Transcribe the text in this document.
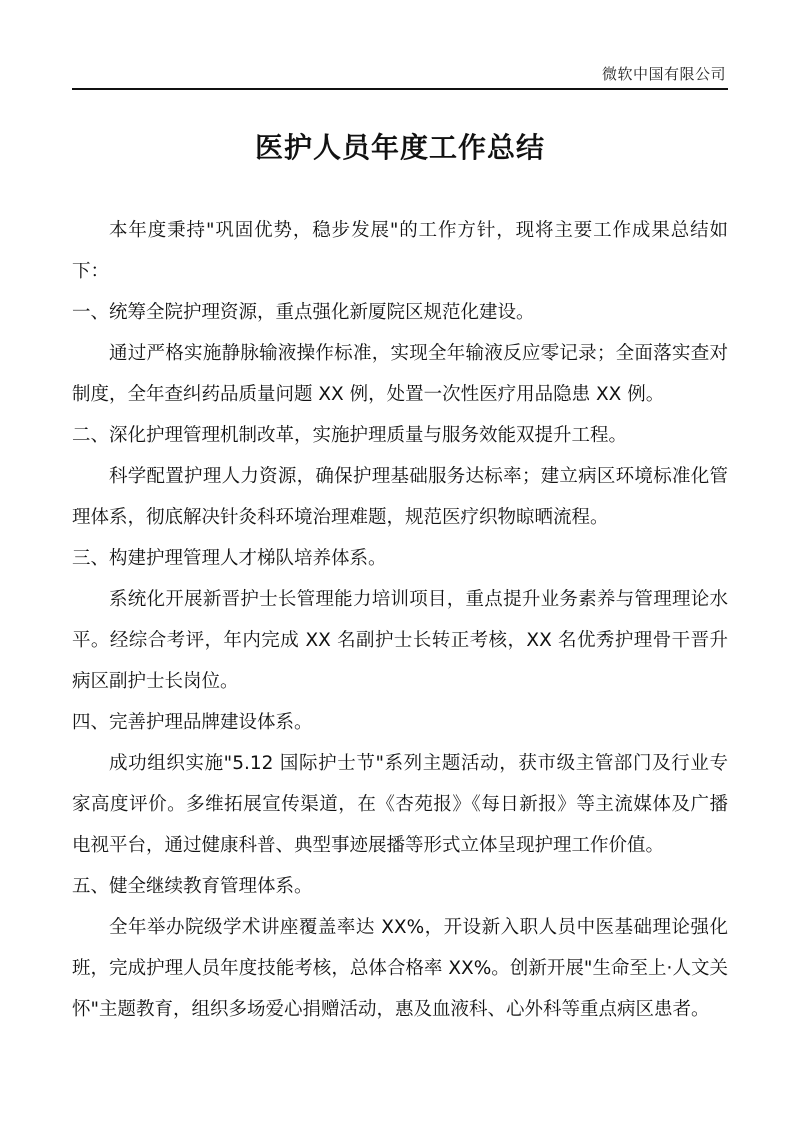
微软中国有限公司
医护人员年度工作总结

本年度秉持"巩固优势，稳步发展"的工作方针，现将主要工作成果总结如下：

一、统筹全院护理资源，重点强化新厦院区规范化建设。

通过严格实施静脉输液操作标准，实现全年输液反应零记录；全面落实查对制度，全年查纠药品质量问题 XX 例，处置一次性医疗用品隐患 XX 例。

二、深化护理管理机制改革，实施护理质量与服务效能双提升工程。

科学配置护理人力资源，确保护理基础服务达标率；建立病区环境标准化管理体系，彻底解决针灸科环境治理难题，规范医疗织物晾晒流程。

三、构建护理管理人才梯队培养体系。

系统化开展新晋护士长管理能力培训项目，重点提升业务素养与管理理论水平。经综合考评，年内完成 XX 名副护士长转正考核，XX 名优秀护理骨干晋升病区副护士长岗位。

四、完善护理品牌建设体系。

成功组织实施"5.12 国际护士节"系列主题活动，获市级主管部门及行业专家高度评价。多维拓展宣传渠道，在《杏苑报》《每日新报》等主流媒体及广播电视平台，通过健康科普、典型事迹展播等形式立体呈现护理工作价值。

五、健全继续教育管理体系。

全年举办院级学术讲座覆盖率达 XX%，开设新入职人员中医基础理论强化班，完成护理人员年度技能考核，总体合格率 XX%。创新开展"生命至上·人文关怀"主题教育，组织多场爱心捐赠活动，惠及血液科、心外科等重点病区患者。
